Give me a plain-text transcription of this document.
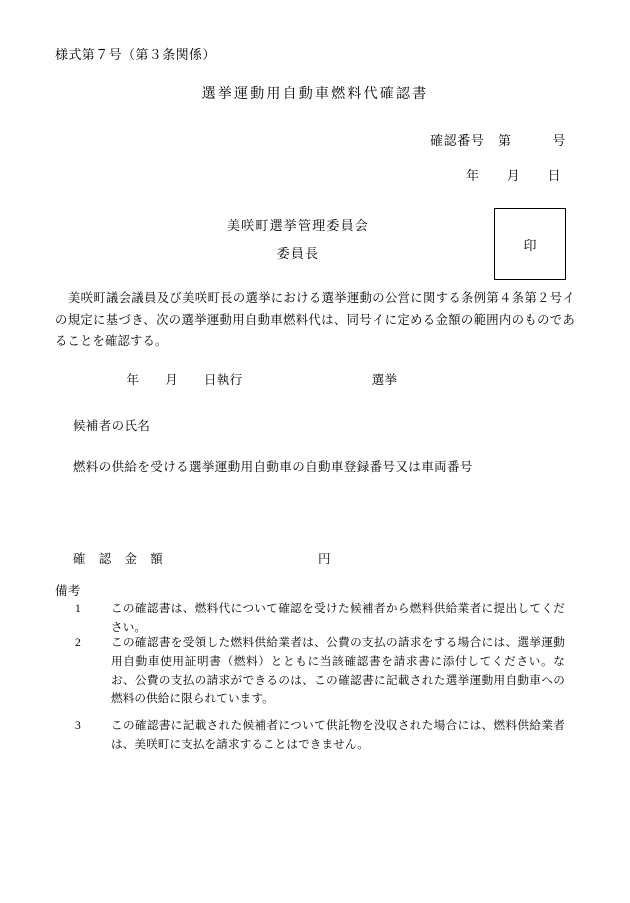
様式第７号（第３条関係）
選挙運動用自動車燃料代確認書
確認番号　第　　　号
年　　月　　日
美咲町選挙管理委員会
委員長
印
美咲町議会議員及び美咲町長の選挙における選挙運動の公営に関する条例第４条第２号イの規定に基づき、次の選挙運動用自動車燃料代は、同号イに定める金額の範囲内のものであることを確認する。
　　　　　年　　月　　日執行　　　　　　　　　　選挙
　候補者の氏名
　燃料の供給を受ける選挙運動用自動車の自動車登録番号又は車両番号
　確　認　金　額　　　　　　　　　　　　円
備考
1	この確認書は、燃料代について確認を受けた候補者から燃料供給業者に提出してください。
2	この確認書を受領した燃料供給業者は、公費の支払の請求をする場合には、選挙運動用自動車使用証明書（燃料）とともに当該確認書を請求書に添付してください。なお、公費の支払の請求ができるのは、この確認書に記載された選挙運動用自動車への燃料の供給に限られています。
3	この確認書に記載された候補者について供託物を没収された場合には、燃料供給業者は、美咲町に支払を請求することはできません。
